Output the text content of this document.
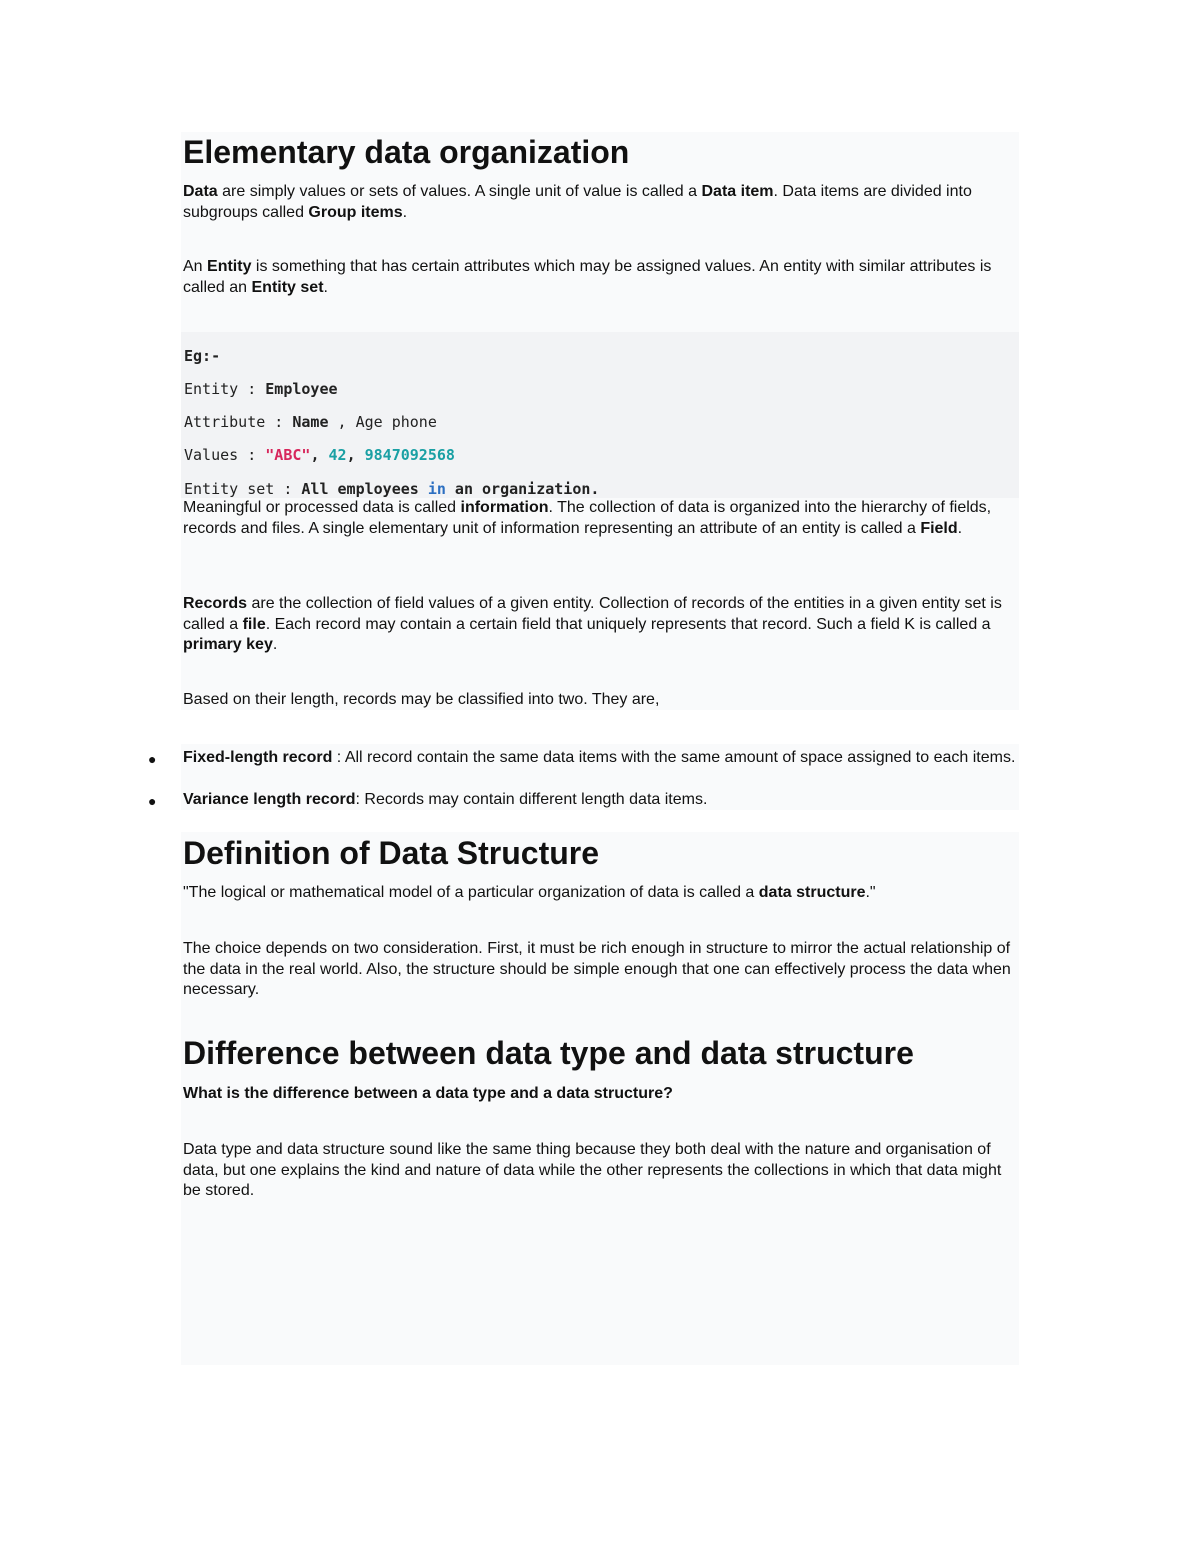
Elementary data organization

Data are simply values or sets of values. A single unit of value is called a Data item. Data items are divided into subgroups called Group items.

An Entity is something that has certain attributes which may be assigned values. An entity with similar attributes is called an Entity set.

Eg:-
Entity : Employee
Attribute : Name , Age phone
Values : "ABC", 42, 9847092568
Entity set : All employees in an organization.

Meaningful or processed data is called information. The collection of data is organized into the hierarchy of fields, records and files. A single elementary unit of information representing an attribute of an entity is called a Field.

Records are the collection of field values of a given entity. Collection of records of the entities in a given entity set is called a file. Each record may contain a certain field that uniquely represents that record. Such a field K is called a primary key.

Based on their length, records may be classified into two. They are,

● Fixed-length record : All record contain the same data items with the same amount of space assigned to each items.

● Variance length record: Records may contain different length data items.

Definition of Data Structure

"The logical or mathematical model of a particular organization of data is called a data structure."

The choice depends on two consideration. First, it must be rich enough in structure to mirror the actual relationship of the data in the real world. Also, the structure should be simple enough that one can effectively process the data when necessary.

Difference between data type and data structure

What is the difference between a data type and a data structure?

Data type and data structure sound like the same thing because they both deal with the nature and organisation of data, but one explains the kind and nature of data while the other represents the collections in which that data might be stored.
